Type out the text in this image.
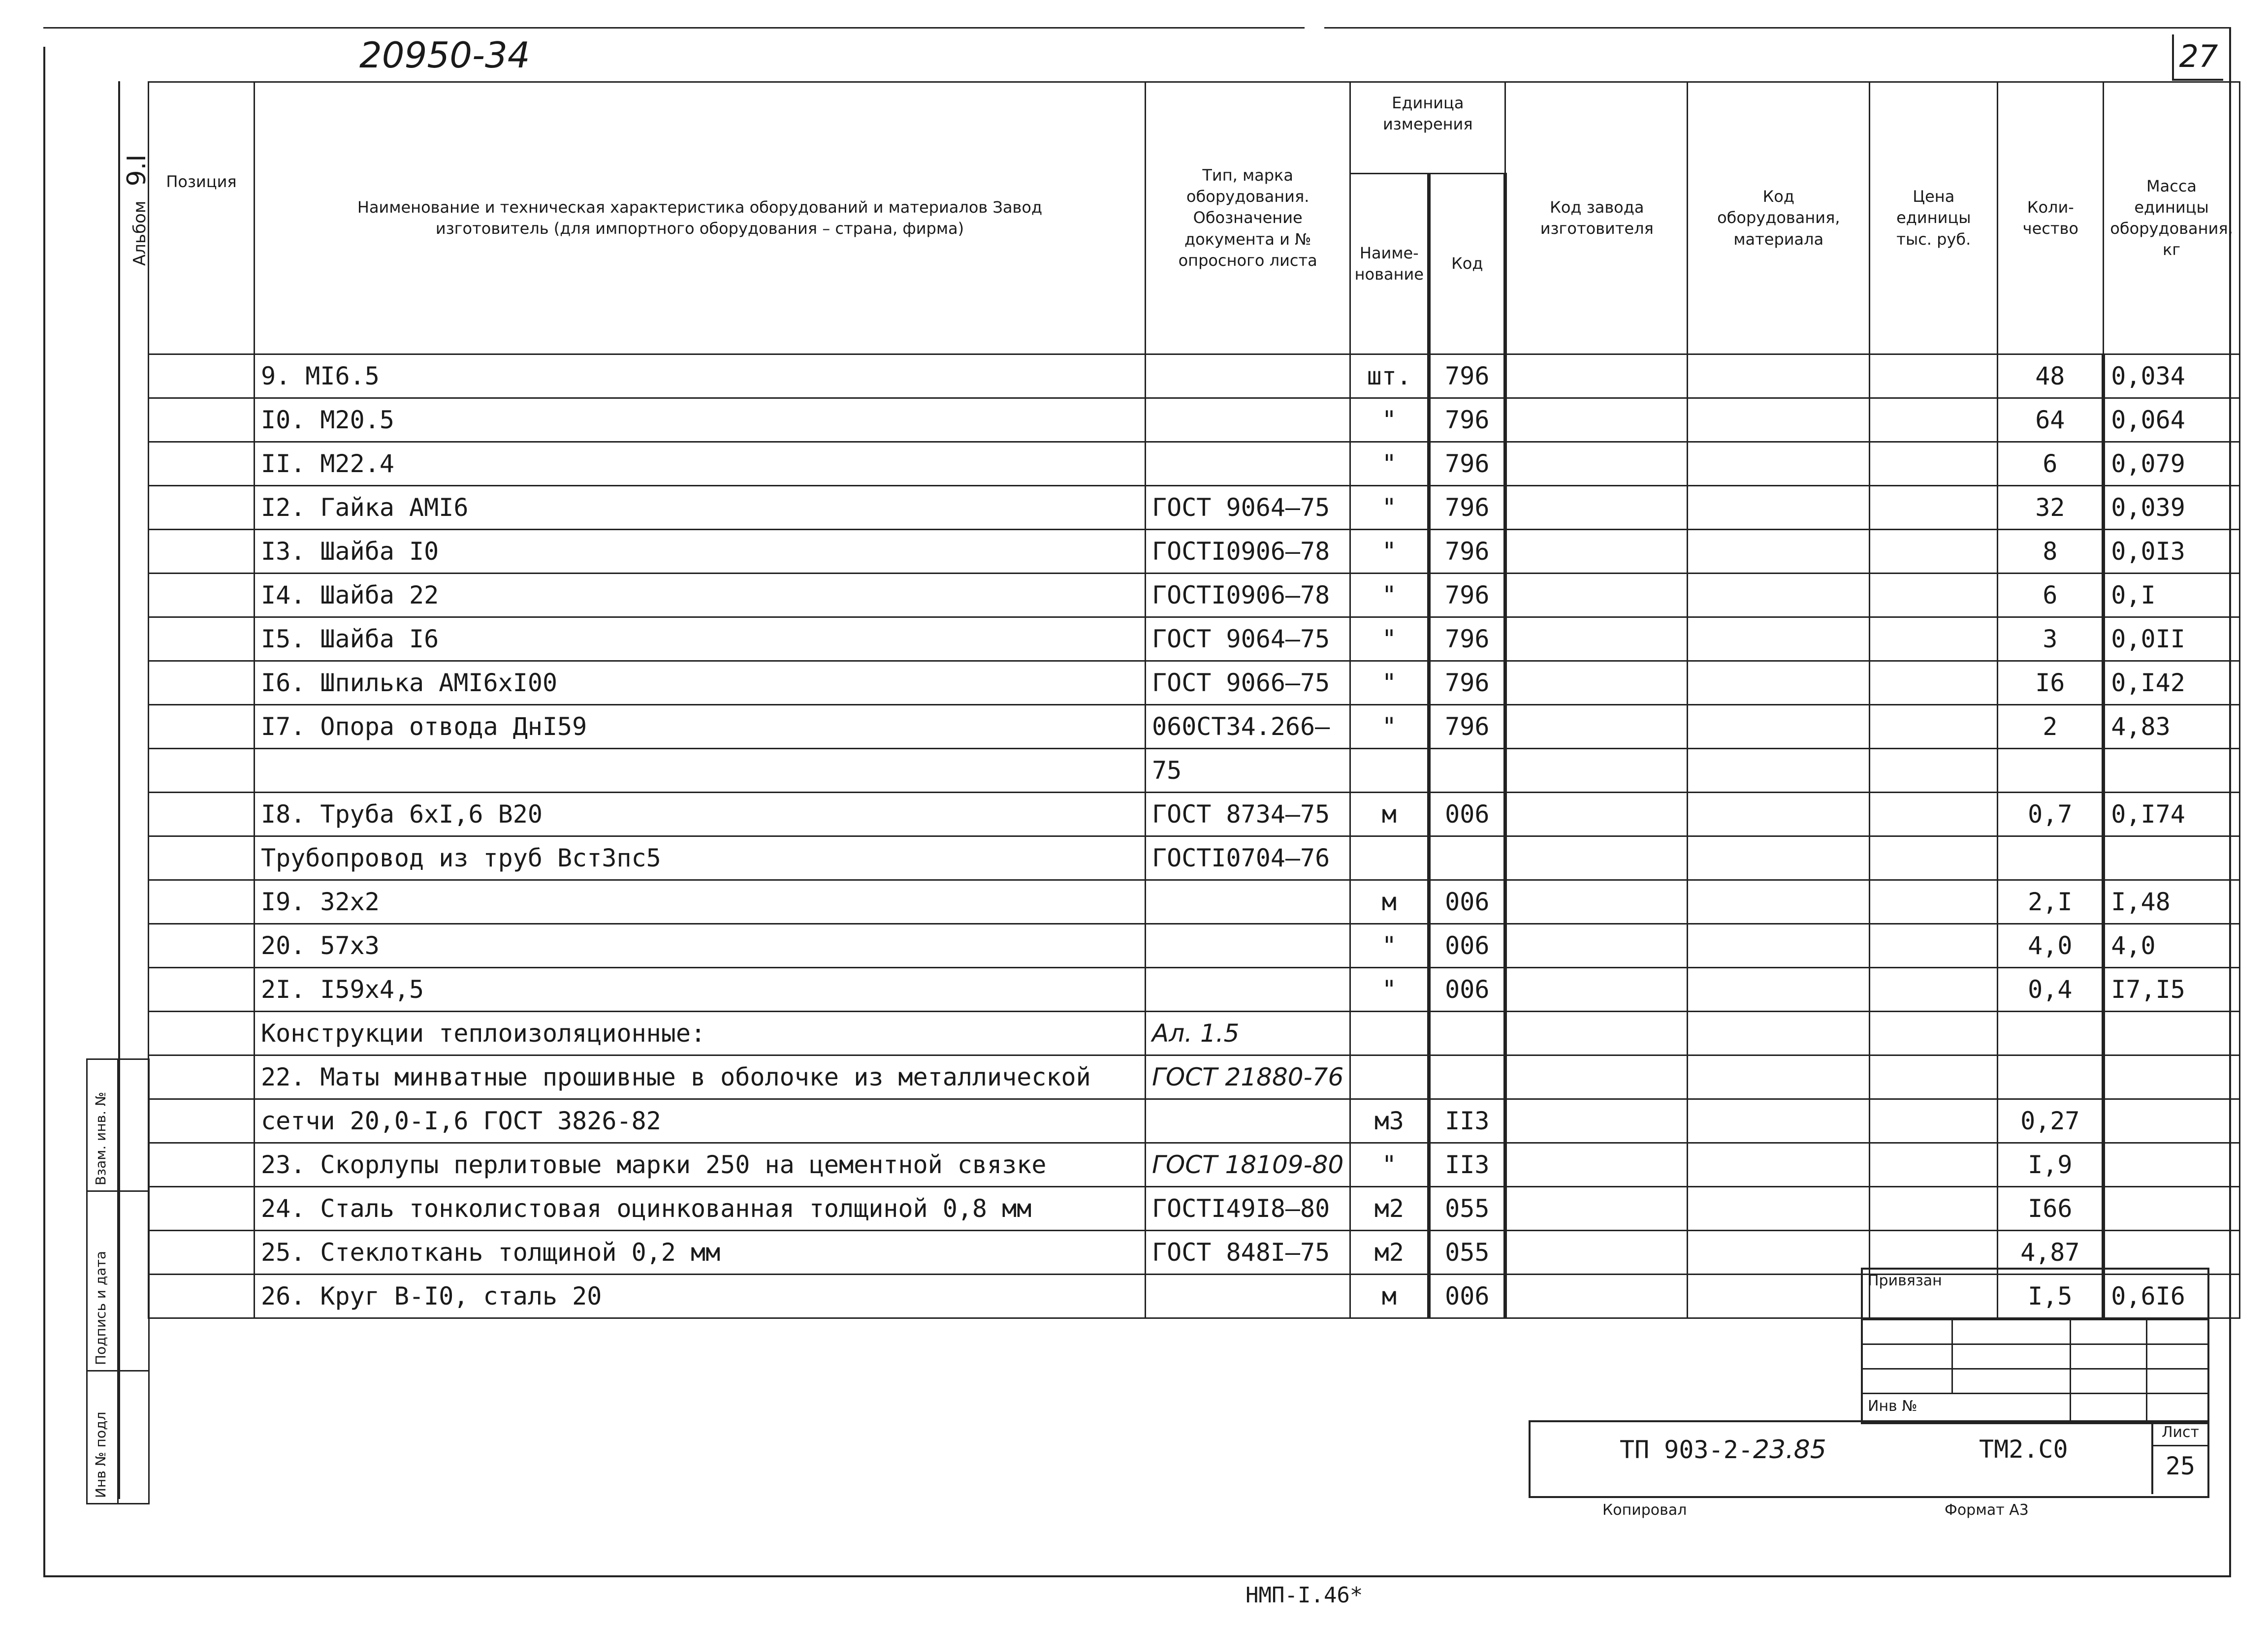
20950-34	27
Альбом 9.I
Взам. инв. №
Подпись и дата
Инв № подл
Позиция	Наименование и техническая характеристика оборудований и материалов Завод изготовитель (для импортного оборудования – страна, фирма)	Тип, марка оборудования. Обозначение документа и № опросного листа	Единица измерения		Код завода изготовителя	Код оборудования, материала	Цена единицы тыс. руб.	Коли-чество	Масса единицы оборудования, кг
			Наиме-нование	Код					
	9. МI6.5		шт.	796				48	0,034
	I0. М20.5		"	796				64	0,064
	II. М22.4		"	796				6	0,079
	I2. Гайка АМI6	ГОСТ 9064–75	"	796				32	0,039
	I3. Шайба I0	ГОСТI0906–78	"	796				8	0,0I3
	I4. Шайба 22	ГОСТI0906–78	"	796				6	0,I
	I5. Шайба I6	ГОСТ 9064–75	"	796				3	0,0II
	I6. Шпилька АМI6хI00	ГОСТ 9066–75	"	796				I6	0,I42
	I7. Опора отвода ДнI59	060СТ34.266–	"	796				2	4,83
		75							
	I8. Труба 6хI,6 В20	ГОСТ 8734–75	м	006				0,7	0,I74
	Трубопровод из труб ВстЗпс5	ГОСТI0704–76							
	I9. 32х2		м	006				2,I	I,48
	20. 57х3		"	006				4,0	4,0
	2I. I59х4,5		"	006				0,4	I7,I5
	Конструкции теплоизоляционные:	Ал. 1.5							
	22. Маты минватные прошивные в оболочке из металлической	ГОСТ 21880-76							
	сетчи 20,0-I,6 ГОСТ 3826-82		м3	II3				0,27	
	23. Скорлупы перлитовые марки 250 на цементной связке	ГОСТ 18109-80	"	II3				I,9	
	24. Сталь тонколистовая оцинкованная толщиной 0,8 мм	ГОСТI49I8–80	м2	055				I66	
	25. Стеклоткань толщиной 0,2 мм	ГОСТ 848I–75	м2	055				4,87	
	26. Круг В-I0, сталь 20		м	006				I,5	0,6I6
Привязан
Инв №
ТП 903-2-23.85	ТМ2.С0
Лист
25
Копировал	Формат А3
НМП-I.46*
